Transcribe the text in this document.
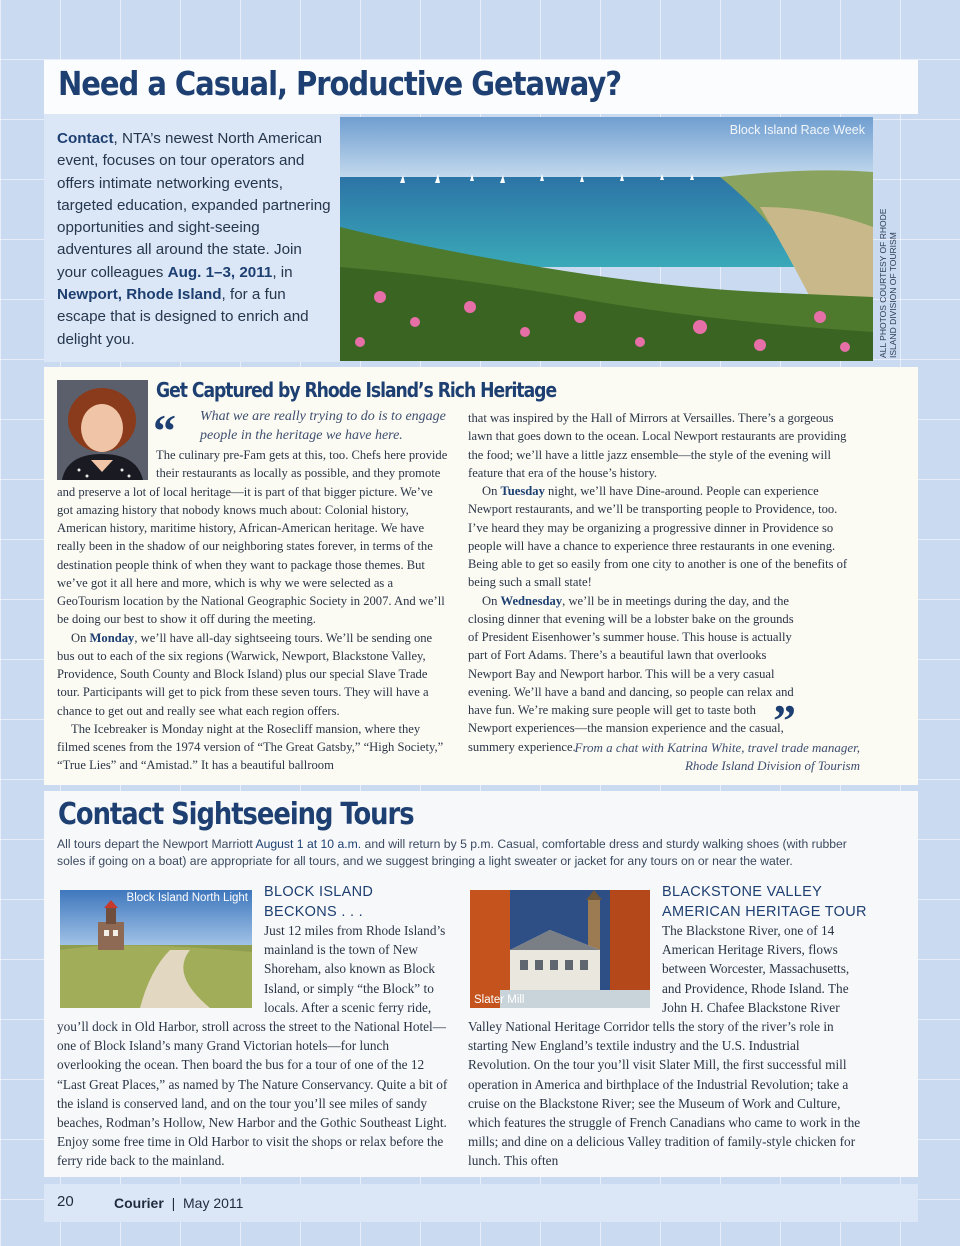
Need a Casual, Productive Getaway?
Contact, NTA’s newest North American event, focuses on tour operators and offers intimate networking events, targeted education, expanded partnering opportunities and sight-seeing adventures all around the state. Join your colleagues Aug. 1–3, 2011, in Newport, Rhode Island, for a fun escape that is designed to enrich and delight you.
Block Island Race Week
ALL PHOTOS COURTESY OF RHODE ISLAND DIVISION OF TOURISM
Get Captured by Rhode Island’s Rich Heritage
“ What we are really trying to do is to engage people in the heritage we have here.

The culinary pre-Fam gets at this, too. Chefs here provide their restaurants as locally as possible, and they promote and preserve a lot of local heritage—it is part of that bigger picture. We’ve got amazing history that nobody knows much about: Colonial history, American history, maritime history, African-American heritage. We have really been in the shadow of our neighboring states forever, in terms of the destination people think of when they want to package those themes. But we’ve got it all here and more, which is why we were selected as a GeoTourism location by the National Geographic Society in 2007. And we’ll be doing our best to show it off during the meeting.

On Monday, we’ll have all-day sightseeing tours. We’ll be sending one bus out to each of the six regions (Warwick, Newport, Blackstone Valley, Providence, South County and Block Island) plus our special Slave Trade tour. Participants will get to pick from these seven tours. They will have a chance to get out and really see what each region offers.

The Icebreaker is Monday night at the Rosecliff mansion, where they filmed scenes from the 1974 version of “The Great Gatsby,” “High Society,” “True Lies” and “Amistad.” It has a beautiful ballroom

that was inspired by the Hall of Mirrors at Versailles. There’s a gorgeous lawn that goes down to the ocean. Local Newport restaurants are providing the food; we’ll have a little jazz ensemble—the style of the evening will feature that era of the house’s history.

On Tuesday night, we’ll have Dine-around. People can experience Newport restaurants, and we’ll be transporting people to Providence, too. I’ve heard they may be organizing a progressive dinner in Providence so people will have a chance to experience three restaurants in one evening. Being able to get so easily from one city to another is one of the benefits of being such a small state!

On Wednesday, we’ll be in meetings during the day, and the closing dinner that evening will be a lobster bake on the grounds of President Eisenhower’s summer house. This house is actually part of Fort Adams. There’s a beautiful lawn that overlooks Newport Bay and Newport harbor. This will be a very casual evening. We’ll have a band and dancing, so people can relax and have fun. We’re making sure people will get to taste both Newport experiences—the mansion experience and the casual, summery experience.

”
From a chat with Katrina White, travel trade manager,
Rhode Island Division of Tourism
Contact Sightseeing Tours
All tours depart the Newport Marriott August 1 at 10 a.m. and will return by 5 p.m. Casual, comfortable dress and sturdy walking shoes (with rubber soles if going on a boat) are appropriate for all tours, and we suggest bringing a light sweater or jacket for any tours on or near the water.
Block Island North Light BLOCK ISLAND
BECKONS . . .
Just 12 miles from Rhode Island’s mainland is the town of New Shoreham, also known as Block Island, or simply “the Block” to locals. After a scenic ferry ride, you’ll dock in Old Harbor, stroll across the street to the National Hotel—one of Block Island’s many Grand Victorian hotels—for lunch overlooking the ocean. Then board the bus for a tour of one of the 12 “Last Great Places,” as named by The Nature Conservancy. Quite a bit of the island is conserved land, and on the tour you’ll see miles of sandy beaches, Rodman’s Hollow, New Harbor and the Gothic Southeast Light. Enjoy some free time in Old Harbor to visit the shops or relax before the ferry ride back to the mainland.
Slater Mill
BLACKSTONE VALLEY
AMERICAN HERITAGE TOUR
The Blackstone River, one of 14 American Heritage Rivers, flows between Worcester, Massachusetts, and Providence, Rhode Island. The John H. Chafee Blackstone River Valley National Heritage Corridor tells the story of the river’s role in starting New England’s textile industry and the U.S. Industrial Revolution. On the tour you’ll visit Slater Mill, the first successful mill operation in America and birthplace of the Industrial Revolution; take a cruise on the Blackstone River; see the Museum of Work and Culture, which features the struggle of French Canadians who came to work in the mills; and dine on a delicious Valley tradition of family-style chicken for lunch. This often
20	Courier | May 2011
